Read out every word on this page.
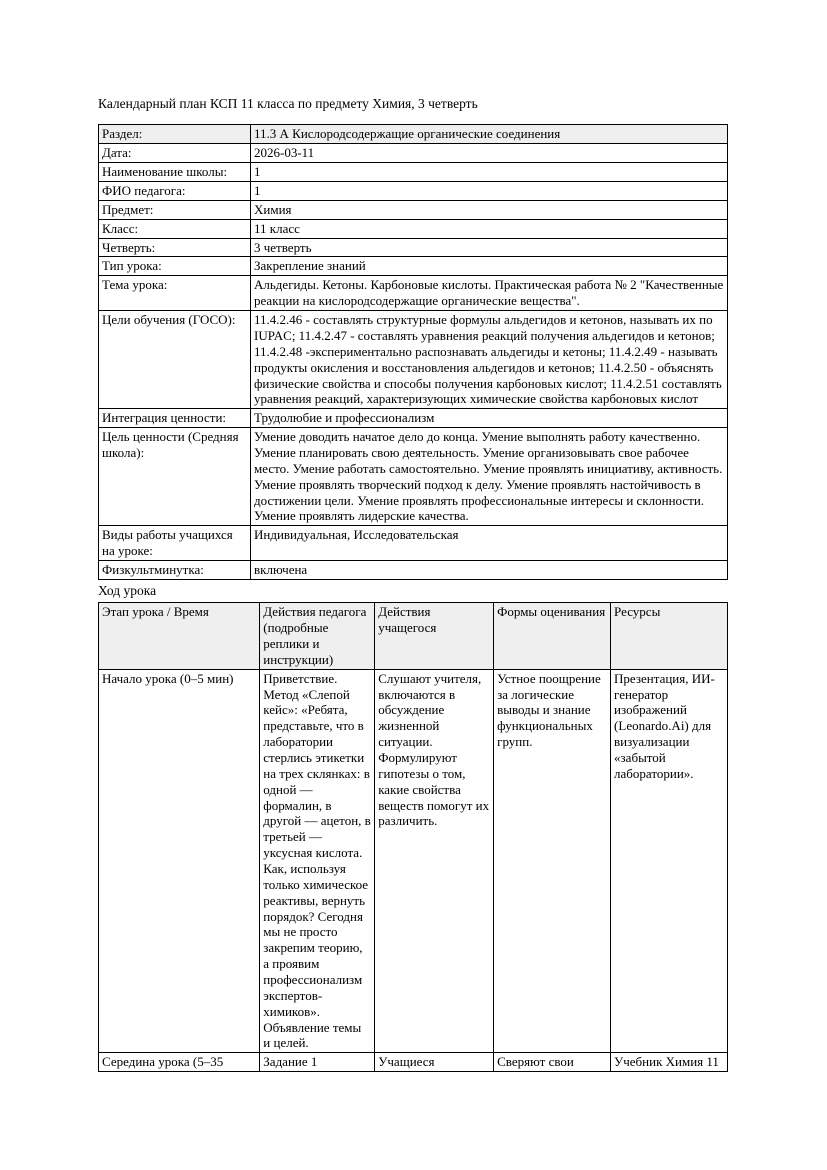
Календарный план КСП 11 класса по предмету Химия, 3 четверть

Раздел:	11.3 А Кислородсодержащие органические соединения
Дата:	2026-03-11
Наименование школы:	1
ФИО педагога:	1
Предмет:	Химия
Класс:	11 класс
Четверть:	3 четверть
Тип урока:	Закрепление знаний
Тема урока:	Альдегиды. Кетоны. Карбоновые кислоты. Практическая работа № 2 "Качественные реакции на кислородсодержащие органические вещества".
Цели обучения (ГОСО):	11.4.2.46 - составлять структурные формулы альдегидов и кетонов, называть их по IUPAC; 11.4.2.47 - составлять уравнения реакций получения альдегидов и кетонов; 11.4.2.48 -экспериментально распознавать альдегиды и кетоны; 11.4.2.49 - называть продукты окисления и восстановления альдегидов и кетонов; 11.4.2.50 - объяснять физические свойства и способы получения карбоновых кислот; 11.4.2.51 составлять уравнения реакций, характеризующих химические свойства карбоновых кислот
Интеграция ценности:	Трудолюбие и профессионализм
Цель ценности (Средняя школа):	Умение доводить начатое дело до конца. Умение выполнять работу качественно. Умение планировать свою деятельность. Умение организовывать свое рабочее место. Умение работать самостоятельно. Умение проявлять инициативу, активность. Умение проявлять творческий подход к делу. Умение проявлять настойчивость в достижении цели. Умение проявлять профессиональные интересы и склонности. Умение проявлять лидерские качества.
Виды работы учащихся на уроке:	Индивидуальная, Исследовательская
Физкультминутка:	включена

Ход урока

Этап урока / Время	Действия педагога (подробные реплики и инструкции)	Действия учащегося	Формы оценивания	Ресурсы
Начало урока (0–5 мин)	Приветствие. Метод «Слепой кейс»: «Ребята, представьте, что в лаборатории стерлись этикетки на трех склянках: в одной — формалин, в другой — ацетон, в третьей — уксусная кислота. Как, используя только химическое реактивы, вернуть порядок? Сегодня мы не просто закрепим теорию, а проявим профессионализм экспертов-химиков». Объявление темы и целей.	Слушают учителя, включаются в обсуждение жизненной ситуации. Формулируют гипотезы о том, какие свойства веществ помогут их различить.	Устное поощрение за логические выводы и знание функциональных групп.	Презентация, ИИ-генератор изображений (Leonardo.Ai) для визуализации «забытой лаборатории».
Середина урока (5–35	Задание 1	Учащиеся	Сверяют свои	Учебник Химия 11
